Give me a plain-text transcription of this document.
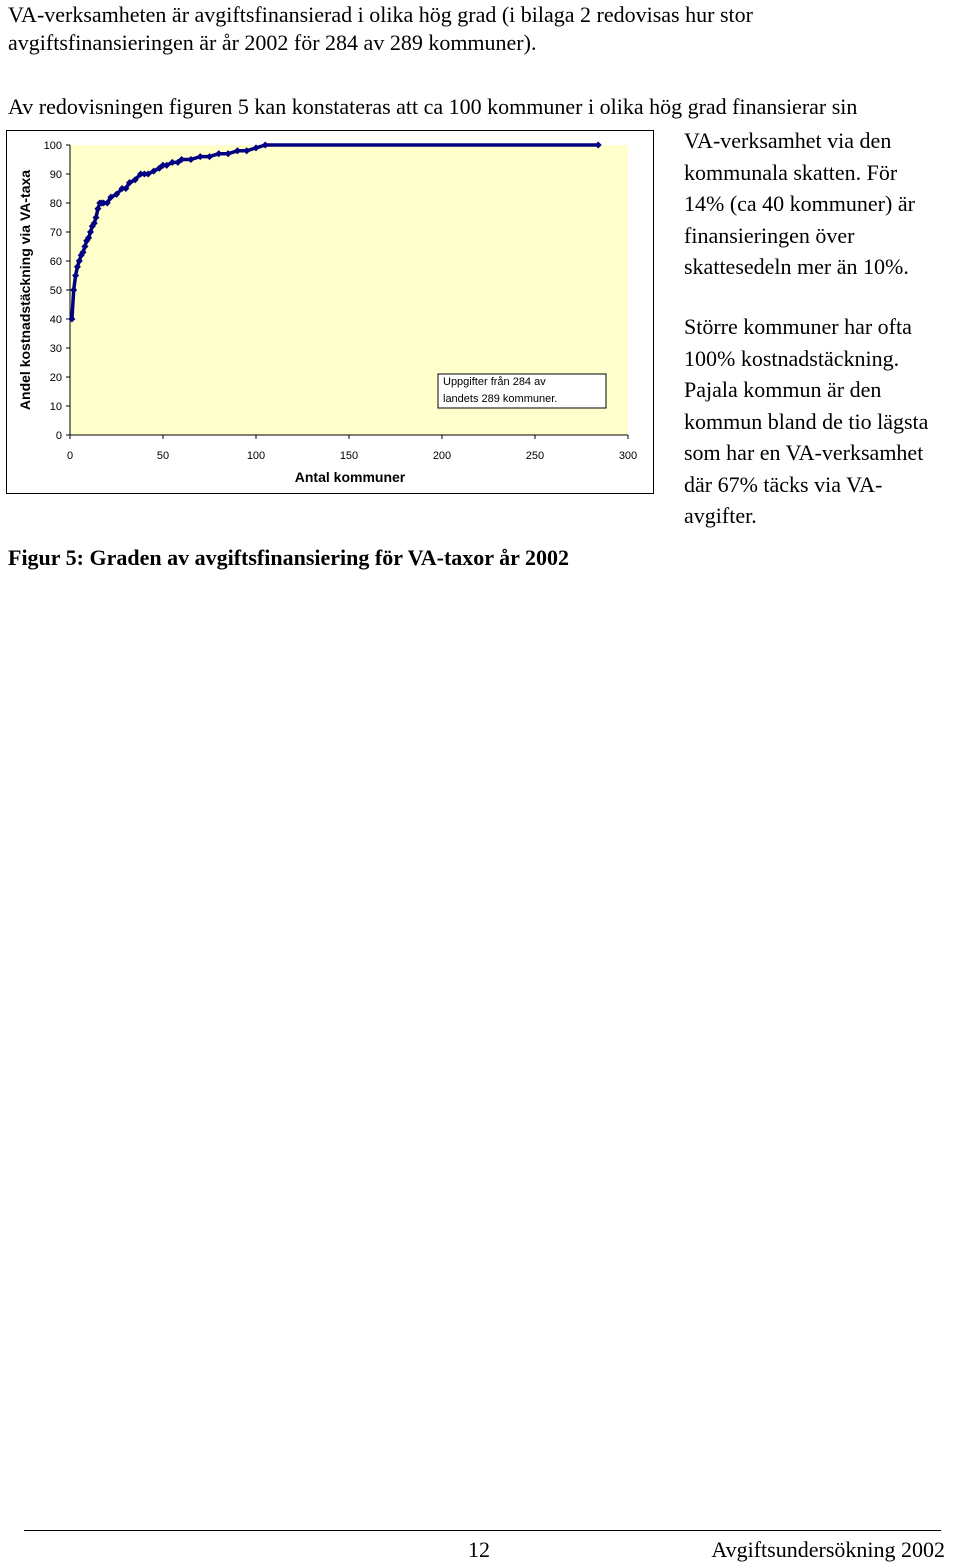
VA-verksamheten är avgiftsfinansierad i olika hög grad (i bilaga 2 redovisas hur stor
avgiftsfinansieringen är år 2002 för 284 av 289 kommuner).
Av redovisningen figuren 5 kan konstateras att ca 100 kommuner i olika hög grad finansierar sin
VA-verksamhet via den
kommunala skatten. För
14% (ca 40 kommuner) är
finansieringen över
skattesedeln mer än 10%.
Större kommuner har ofta
100% kostnadstäckning.
Pajala kommun är den
kommun bland de tio lägsta
som har en VA-verksamhet
där 67% täcks via VA-
avgifter.
0
10
20
30
40
50
60
70
80
90
100
0	50	100	150	200	250	300
Andel kostnadstäckning via VA-taxa
Antal kommuner
Uppgifter från 284 av
landets 289 kommuner.
Figur 5: Graden av avgiftsfinansiering för VA-taxor år 2002
12	Avgiftsundersökning 2002
